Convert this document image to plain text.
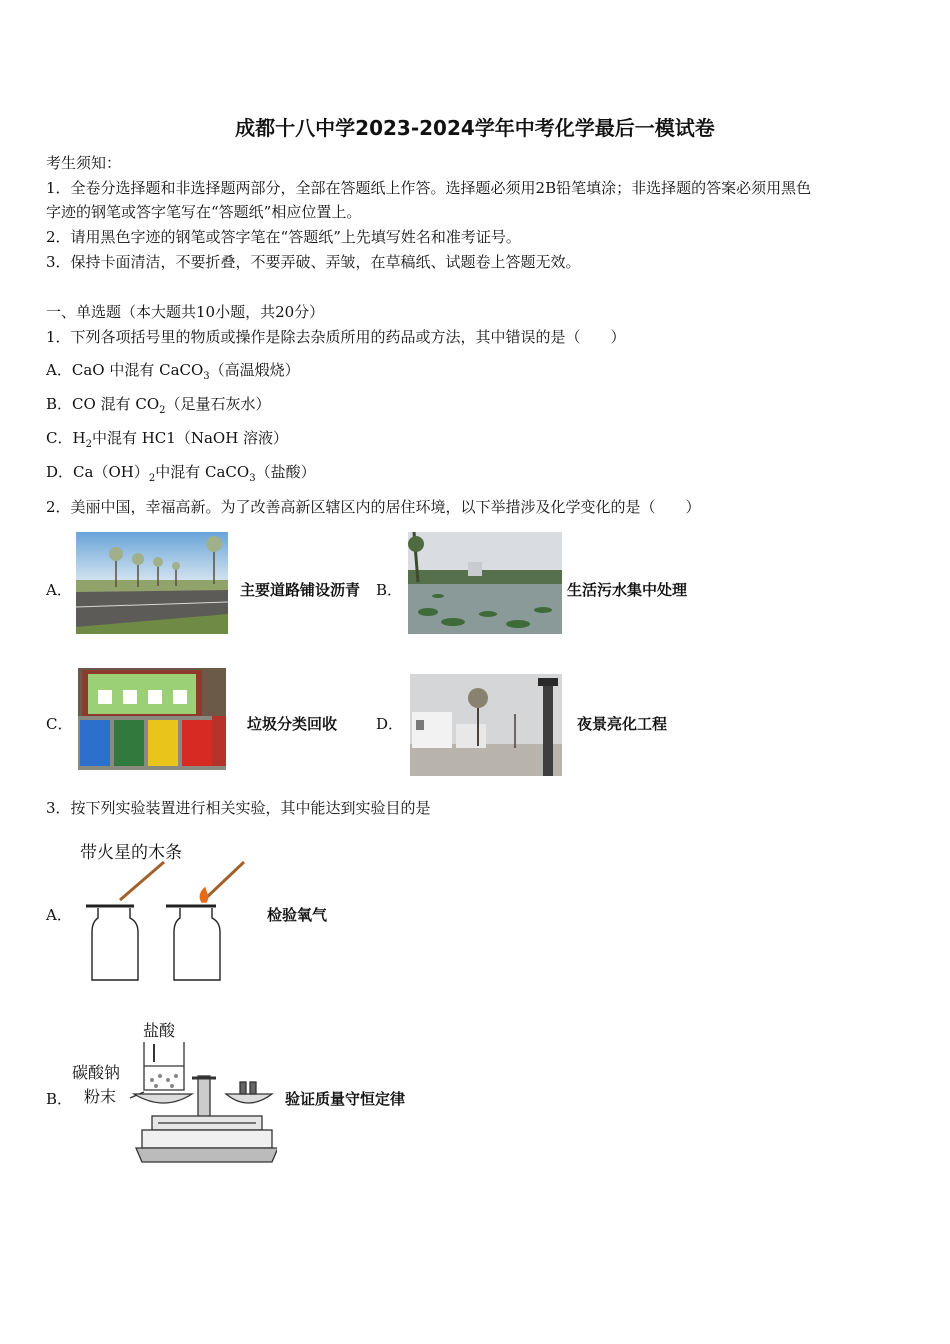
成都十八中学2023-2024学年中考化学最后一模试卷
考生须知：
1．全卷分选择题和非选择题两部分，全部在答题纸上作答。选择题必须用2B铅笔填涂；非选择题的答案必须用黑色
字迹的钢笔或答字笔写在“答题纸”相应位置上。
2．请用黑色字迹的钢笔或答字笔在“答题纸”上先填写姓名和准考证号。
3．保持卡面清洁，不要折叠，不要弄破、弄皱，在草稿纸、试题卷上答题无效。
一、单选题（本大题共10小题，共20分）
1．下列各项括号里的物质或操作是除去杂质所用的药品或方法，其中错误的是（　　）
A．CaO 中混有 CaCO$_3$（高温煅烧）
B．CO 混有 $CO_2$（足量石灰水）
C．$H_2$中混有 HC1（NaOH 溶液）
D．$Ca(OH)_2$中混有 CaCO$_3$（盐酸）
2．美丽中国，幸福高新。为了改善高新区辖区内的居住环境，以下举措涉及化学变化的是（　　）
A．	主要道路铺设沥青 B．	生活污水集中处理
C．	垃圾分类回收	D．	夜景亮化工程
3．按下列实验装置进行相关实验，其中能达到实验目的是
带火星的木条
A．	检验氧气
盐酸
碳酸钠
粉末
B．	验证质量守恒定律
